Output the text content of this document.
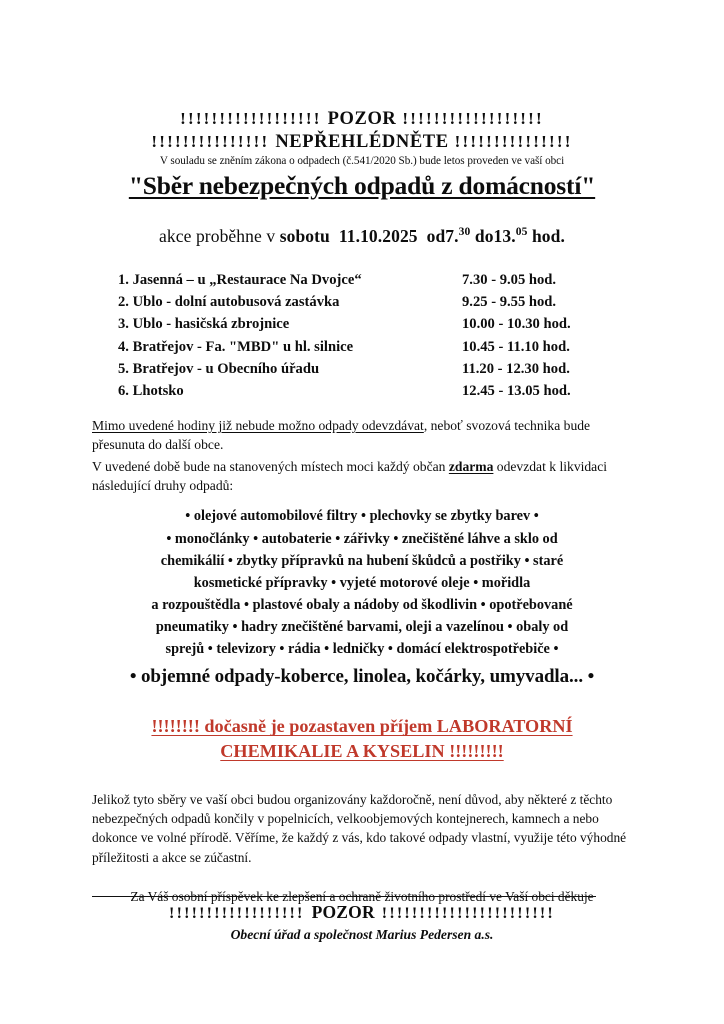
!!!!!!!!!!!!!!!!!! POZOR !!!!!!!!!!!!!!!!!!
!!!!!!!!!!!!!!! NEPŘEHLÉDNĚTE !!!!!!!!!!!!!!!
V souladu se zněním zákona o odpadech (č.541/2020 Sb.) bude letos proveden ve vaší obci
"Sběr nebezpečných odpadů z domácností"
akce proběhne v sobotu 11.10.2025 od7.30 do13.05 hod.
1. Jasenná – u „Restaurace Na Dvojce“	7.30 - 9.05 hod.
2. Ublo - dolní autobusová zastávka	9.25 - 9.55 hod.
3. Ublo - hasičská zbrojnice	10.00 - 10.30 hod.
4. Bratřejov - Fa. "MBD" u hl. silnice	10.45 - 11.10 hod.
5. Bratřejov - u Obecního úřadu	11.20 - 12.30 hod.
6. Lhotsko	12.45 - 13.05 hod.
Mimo uvedené hodiny již nebude možno odpady odevzdávat, neboť svozová technika bude přesunuta do další obce.
V uvedené době bude na stanovených místech moci každý občan zdarma odevzdat k likvidaci následující druhy odpadů:
• olejové automobilové filtry • plechovky se zbytky barev •
• monočlánky • autobaterie • zářivky • znečištěné láhve a sklo od
chemikálií • zbytky přípravků na hubení škůdců a postřiky • staré
kosmetické přípravky • vyjeté motorové oleje • mořidla
a rozpouštědla • plastové obaly a nádoby od škodlivin • opotřebované
pneumatiky • hadry znečištěné barvami, oleji a vazelínou • obaly od
sprejů • televizory • rádia • ledničky • domácí elektrospotřebiče •
• objemné odpady-koberce, linolea, kočárky, umyvadla... •
!!!!!!!! dočasně je pozastaven příjem LABORATORNÍ
CHEMIKALIE A KYSELIN !!!!!!!!!
Jelikož tyto sběry ve vaší obci budou organizovány každoročně, není důvod, aby některé z těchto nebezpečných odpadů končily v popelnicích, velkoobjemových kontejnerech, kamnech a nebo dokonce ve volné přírodě. Věříme, že každý z vás, kdo takové odpady vlastní, využije této výhodné příležitosti a akce se zúčastní.
Za Váš osobní příspěvek ke zlepšení a ochraně životního prostředí ve Vaší obci děkuje
Obecní úřad a společnost Marius Pedersen a.s.
!!!!!!!!!!!!!!!!!! POZOR !!!!!!!!!!!!!!!!!!!!!!!
